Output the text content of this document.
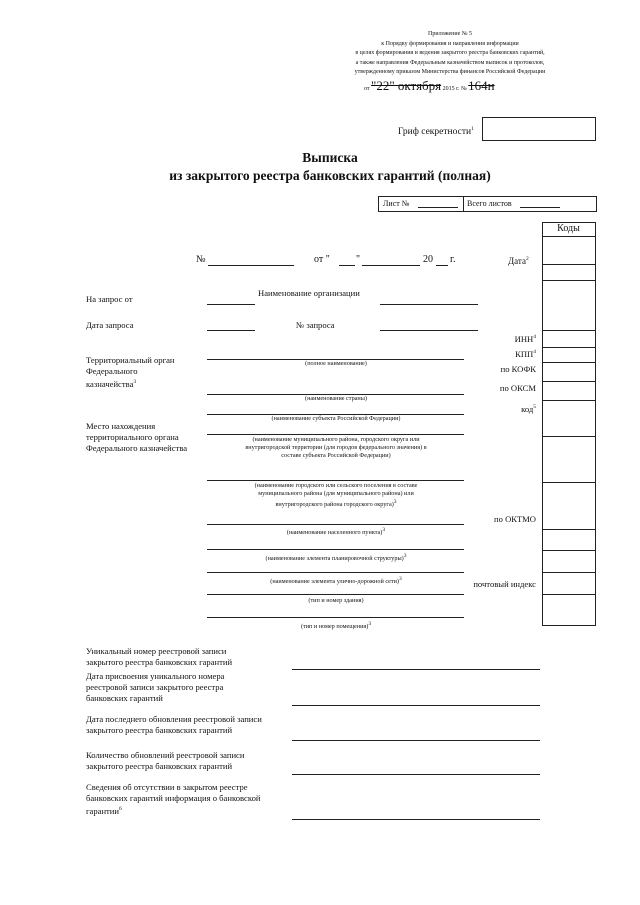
Приложение № 5
к Порядку формирования и направления информации
в целях формирования и ведения закрытого реестра банковских гарантий,
а также направления Федеральным казначейством выписок и протоколов,
утвержденному приказом Министерства финансов Российской Федерации
от "22" октября 2015 г. № 164н
Гриф секретности$^1$
Выписка
из закрытого реестра банковских гарантий (полная)
Лист №	Всего листов
Коды
№	от "	"	20 г.	Дата$^2$
На запрос от
Наименование организации
Дата запроса	№ запроса
ИНН$^4$
КПП$^4$
Территориальный орган
Федерального
казначейства$^3$
(полное наименование)
по КОФК
(наименование страны)
по ОКСМ
код$^5$
Место нахождения
территориального органа
Федерального казначейства
(наименование субъекта Российской Федерации)
(наименование муниципального района, городского округа или
внутригородской территории (для городов федерального значения) в
составе субъекта Российской Федерации)
(наименование городского или сельского поселения в составе
муниципального района (для муниципального района) или
внутригородского района городского округа)$^3$
по ОКТМО
(наименование населенного пункта)$^3$
(наименование элемента планировочной структуры)$^3$
(наименование элемента улично-дорожной сети)$^3$	почтовый индекс
(тип и номер здания)
(тип и номер помещения)$^3$
Уникальный номер реестровой записи
закрытого реестра банковских гарантий
Дата присвоения уникального номера
реестровой записи закрытого реестра
банковских гарантий
Дата последнего обновления реестровой записи
закрытого реестра банковских гарантий
Количество обновлений реестровой записи
закрытого реестра банковских гарантий
Сведения об отсутствии в закрытом реестре
банковских гарантий информация о банковской
гарантии$^6$
